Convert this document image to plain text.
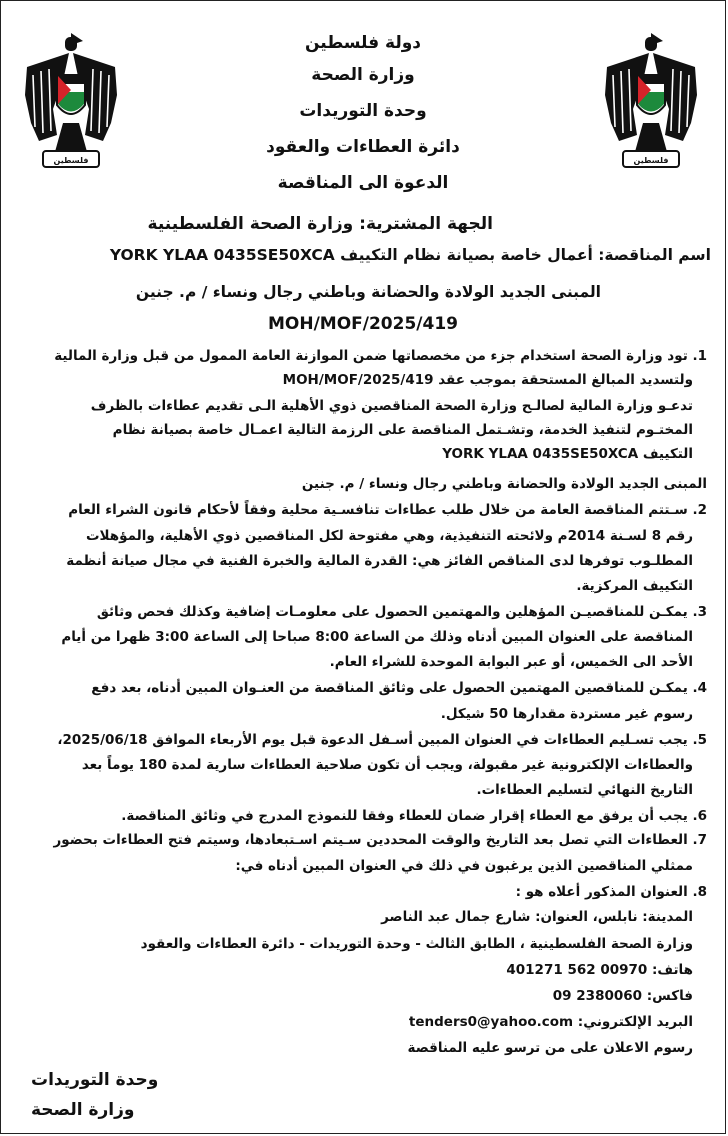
فلسطين	فلسطين
دولة فلسطين
وزارة الصحة
وحدة التوريدات
دائرة العطاءات والعقود
الدعوة الى المناقصة
الجهة المشترية: وزارة الصحة الفلسطينية
اسم المناقصة: أعمال خاصة بصيانة نظام التكييف YORK YLAA 0435SE50XCA
المبنى الجديد الولادة والحضانة وباطني رجال ونساء / م. جنين
MOH/MOF/2025/419
1. تود وزارة الصحة استخدام جزء من مخصصاتها ضمن الموازنة العامة الممول من قبل وزارة المالية
ولتسديد المبالغ المستحقة بموجب عقد MOH/MOF/2025/419
تدعـو وزارة المالية لصالـح وزارة الصحة المناقصين ذوي الأهلية الـى تقديم عطاءات بالظرف
المختـوم لتنفيذ الخدمة، وتشـتمل المناقصة على الرزمة التالية اعمـال خاصة بصيانة نظام
التكييف YORK YLAA 0435SE50XCA
المبنى الجديد الولادة والحضانة وباطني رجال ونساء / م. جنين
2. سـتتم المناقصة العامة من خلال طلب عطاءات تنافسـية محلية وفقاً لأحكام قانون الشراء العام
رقم 8 لسـنة 2014م ولائحته التنفيذية، وهي مفتوحة لكل المناقصين ذوي الأهلية، والمؤهلات
المطلـوب توفرها لدى المناقص الفائز هي: القدرة المالية والخبرة الفنية في مجال صيانة أنظمة
التكييف المركزية.
3. يمكـن للمناقصيـن المؤهلين والمهتمين الحصول على معلومـات إضافية وكذلك فحص وثائق
المناقصة على العنوان المبين أدناه وذلك من الساعة 8:00 صباحا إلى الساعة 3:00 ظهرا من أيام
الأحد الى الخميس، أو عبر البوابة الموحدة للشراء العام.
4. يمكـن للمناقصين المهتمين الحصول على وثائق المناقصة من العنـوان المبين أدناه، بعد دفع
رسوم غير مستردة مقدارها 50 شيكل.
5. يجب تسـليم العطاءات في العنوان المبين أسـفل الدعوة قبل يوم الأربعاء الموافق 2025/06/18،
والعطاءات الإلكترونية غير مقبولة، ويجب أن تكون صلاحية العطاءات سارية لمدة 180 يوماً بعد
التاريخ النهائي لتسليم العطاءات.
6. يجب أن يرفق مع العطاء إقرار ضمان للعطاء وفقا للنموذج المدرج في وثائق المناقصة.
7. العطاءات التي تصل بعد التاريخ والوقت المحددين سـيتم اسـتبعادها، وسيتم فتح العطاءات بحضور
ممثلي المناقصين الذين يرغبون في ذلك في العنوان المبين أدناه في:
8. العنوان المذكور أعلاه هو :
المدينة: نابلس، العنوان: شارع جمال عبد الناصر
وزارة الصحة الفلسطينية ، الطابق الثالث - وحدة التوريدات - دائرة العطاءات والعقود
هاتف: 00970 562 401271
فاكس: 2380060 09
البريد الإلكتروني: tenders0@yahoo.com
رسوم الاعلان على من ترسو عليه المناقصة
وحدة التوريدات
وزارة الصحة
